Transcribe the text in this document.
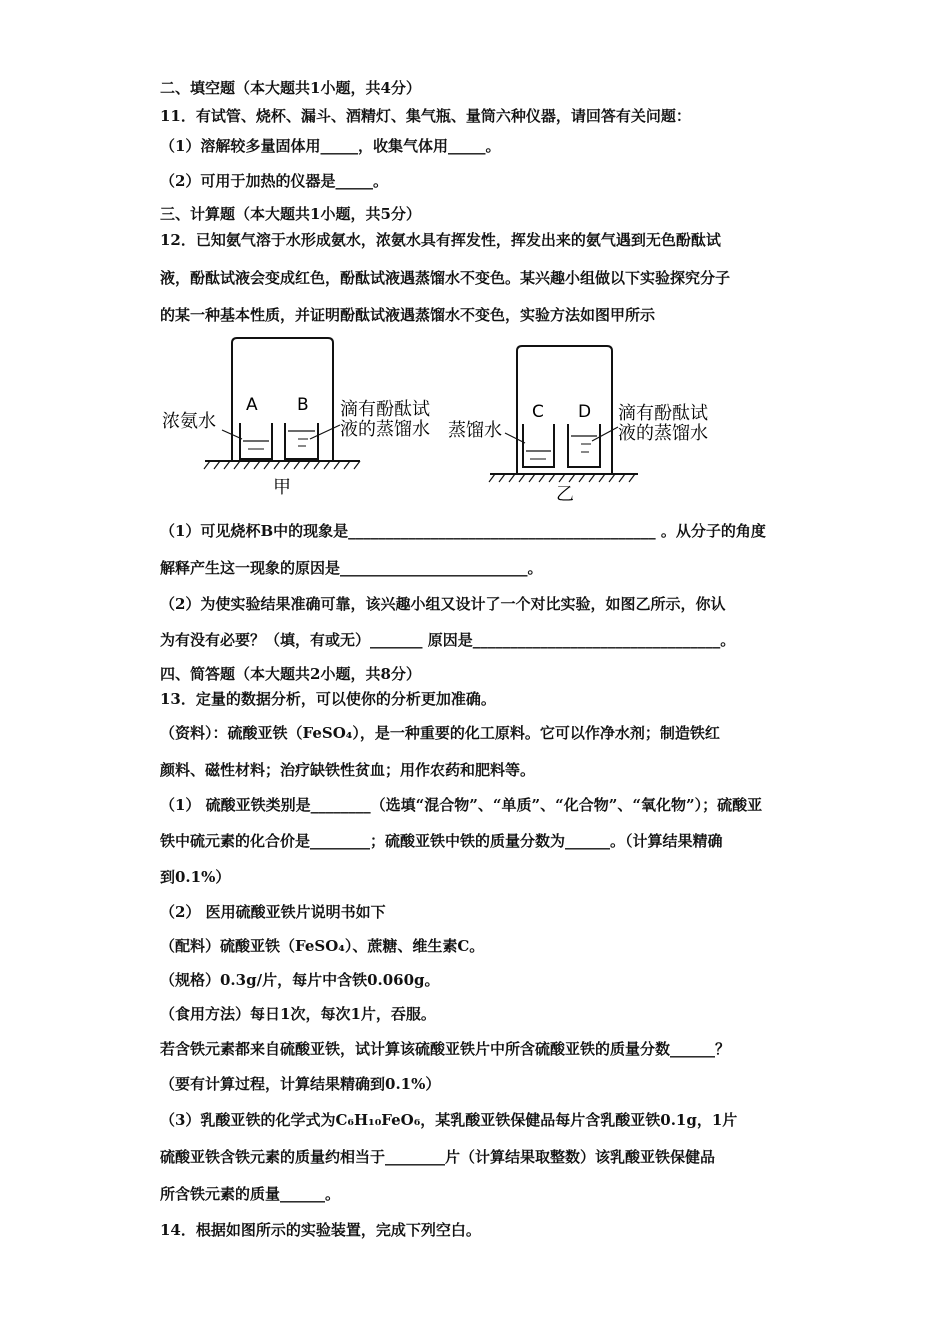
二、填空题（本大题共1小题，共4分）
11．有试管、烧杯、漏斗、酒精灯、集气瓶、量筒六种仪器，请回答有关问题：
（1）溶解较多量固体用_____，收集气体用_____。
（2）可用于加热的仪器是_____。
三、计算题（本大题共1小题，共5分）
12．已知氨气溶于水形成氨水，浓氨水具有挥发性，挥发出来的氨气遇到无色酚酞试
液，酚酞试液会变成红色，酚酞试液遇蒸馏水不变色。某兴趣小组做以下实验探究分子
的某一种基本性质，并证明酚酞试液遇蒸馏水不变色，实验方法如图甲所示
A B
浓氨水
滴有酚酞试
液的蒸馏水
甲
C D
蒸馏水
滴有酚酞试
液的蒸馏水
乙
（1）可见烧杯B中的现象是_________________________________________ 。从分子的角度
解释产生这一现象的原因是_________________________。
（2）为使实验结果准确可靠，该兴趣小组又设计了一个对比实验，如图乙所示，你认
为有没有必要？（填，有或无）_______ 原因是_________________________________。
四、简答题（本大题共2小题，共8分）
13．定量的数据分析，可以使你的分析更加准确。
（资料）：硫酸亚铁（FeSO₄），是一种重要的化工原料。它可以作净水剂；制造铁红
颜料、磁性材料；治疗缺铁性贫血；用作农药和肥料等。
（1） 硫酸亚铁类别是________（选填“混合物”、“单质”、“化合物”、“氧化物”）；硫酸亚
铁中硫元素的化合价是________；硫酸亚铁中铁的质量分数为______。（计算结果精确
到0.1%）
（2） 医用硫酸亚铁片说明书如下
（配料）硫酸亚铁（FeSO₄）、蔗糖、维生素C。
（规格）0.3g/片，每片中含铁0.060g。
（食用方法）每日1次，每次1片，吞服。
若含铁元素都来自硫酸亚铁，试计算该硫酸亚铁片中所含硫酸亚铁的质量分数______？
（要有计算过程，计算结果精确到0.1%）
（3）乳酸亚铁的化学式为C₆H₁₀FeO₆，某乳酸亚铁保健品每片含乳酸亚铁0.1g，1片
硫酸亚铁含铁元素的质量约相当于________片（计算结果取整数）该乳酸亚铁保健品
所含铁元素的质量______。
14．根据如图所示的实验装置，完成下列空白。
